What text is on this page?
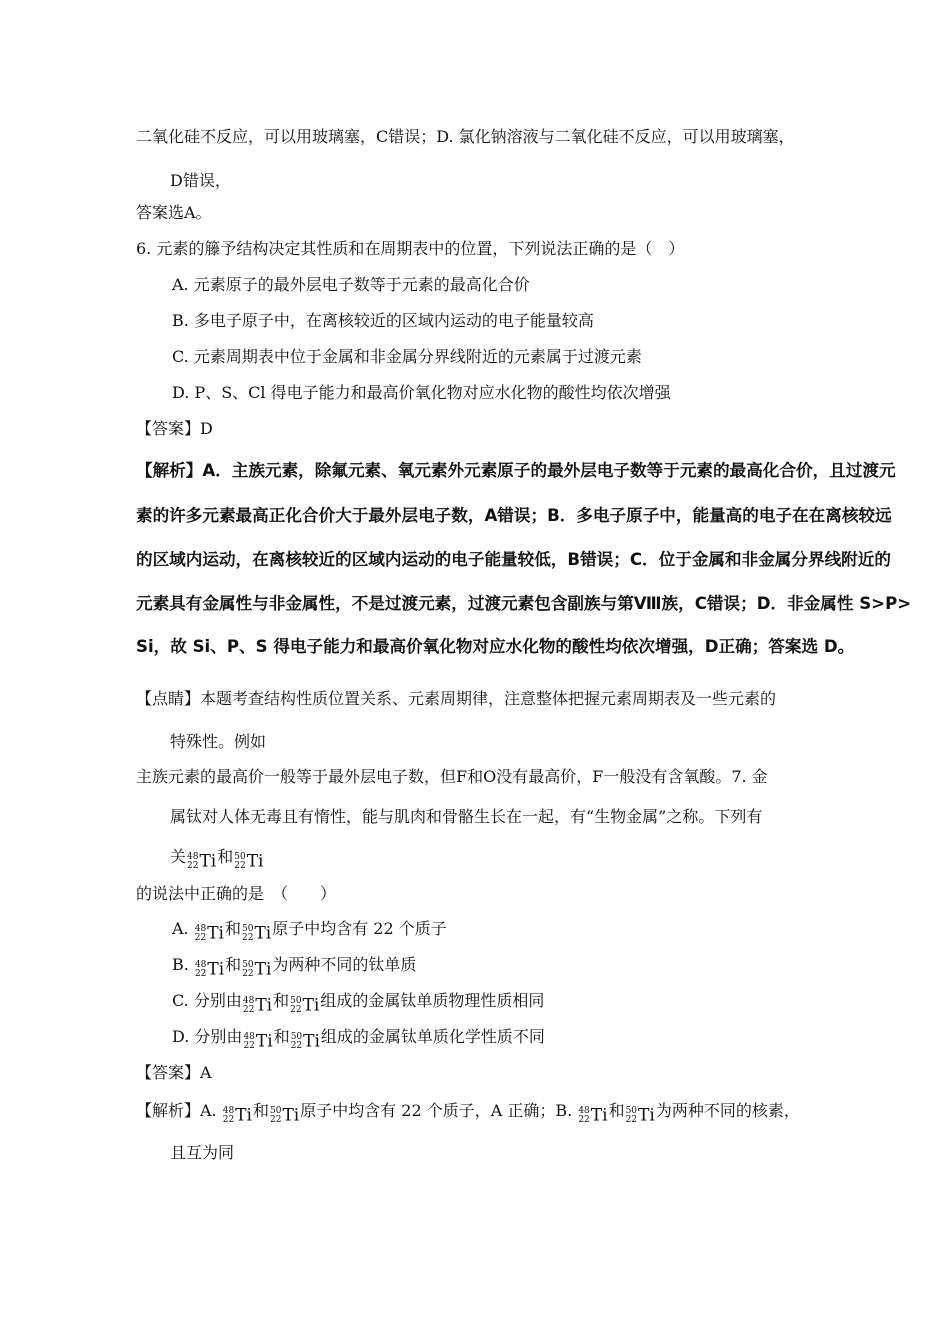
二氧化硅不反应，可以用玻璃塞，C错误；D. 氯化钠溶液与二氧化硅不反应，可以用玻璃塞，
D错误，
答案选A。
6. 元素的籐予结构决定其性质和在周期表中的位置，下列说法正确的是（　）
A. 元素原子的最外层电子数等于元素的最高化合价
B. 多电子原子中，在离核较近的区域内运动的电子能量较高
C. 元素周期表中位于金属和非金属分界线附近的元素属于过渡元素
D. P、S、Cl 得电子能力和最高价氧化物对应水化物的酸性均依次增强
【答案】D
【解析】A．主族元素，除氟元素、氧元素外元素原子的最外层电子数等于元素的最高化合价，且过渡元
素的许多元素最高正化合价大于最外层电子数，A错误；B．多电子原子中，能量高的电子在在离核较远
的区域内运动，在离核较近的区域内运动的电子能量较低，B错误；C．位于金属和非金属分界线附近的
元素具有金属性与非金属性，不是过渡元素，过渡元素包含副族与第Ⅷ族，C错误；D．非金属性 S>P>
Si，故 Si、P、S 得电子能力和最高价氧化物对应水化物的酸性均依次增强，D正确；答案选 D。
【点睛】本题考查结构性质位置关系、元素周期律，注意整体把握元素周期表及一些元素的
特殊性。例如
主族元素的最高价一般等于最外层电子数，但F和O没有最高价，F一般没有含氧酸。7. 金
属钛对人体无毒且有惰性，能与肌肉和骨骼生长在一起，有“生物金属”之称。下列有
关 48
22 Ti和 50
22 Ti
的说法中正确的是　（　　）
A. 48
22 Ti和 50
22 Ti原子中均含有 22 个质子
B. 48
22 Ti和 50
22 Ti为两种不同的钛单质
C. 分别由 48
22 Ti和 50
22 Ti组成的金属钛单质物理性质相同
D. 分别由 48
22 Ti和 50
22 Ti组成的金属钛单质化学性质不同
【答案】A
【解析】A. 48
22 Ti和 50
22 Ti原子中均含有 22 个质子，A 正确；B. 48
22 Ti和 50
22 Ti为两种不同的核素，
且互为同
